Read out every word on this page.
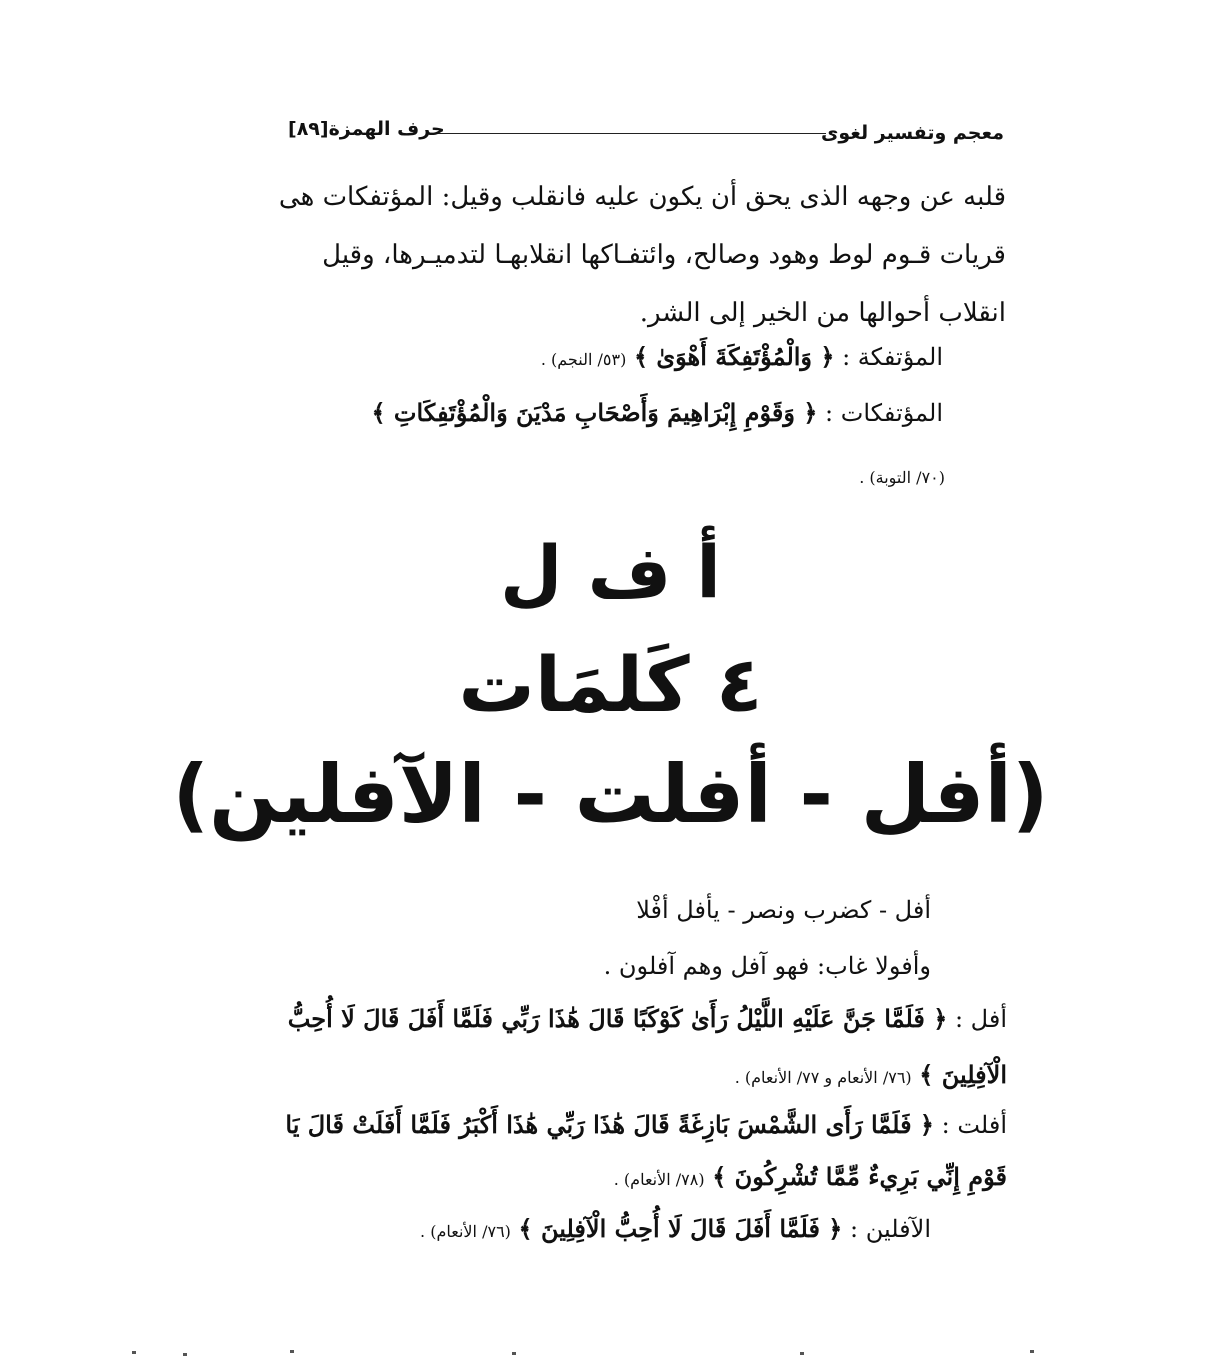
معجم وتفسير لغوى
حرف الهمزة[٨٩]
قلبه عن وجهه الذى يحق أن يكون عليه فانقلب وقيل: المؤتفكات هى
قريات قـوم لوط وهود وصالح، وائتفـاكها انقلابهـا لتدميـرها، وقيل
انقلاب أحوالها من الخير إلى الشر.
المؤتفكة : ﴿ وَالْمُؤْتَفِكَةَ أَهْوَىٰ ﴾ (٥٣/ النجم) .
المؤتفكات : ﴿ وَقَوْمِ إِبْرَاهِيمَ وَأَصْحَابِ مَدْيَنَ وَالْمُؤْتَفِكَاتِ ﴾
(٧٠/ التوبة) .
أ ف ل
٤ كَلمَات
(أفل - أفلت - الآفلين)
أفل - كضرب ونصر - يأفل أفْلا
وأفولا غاب: فهو آفل وهم آفلون .
أفل : ﴿ فَلَمَّا جَنَّ عَلَيْهِ اللَّيْلُ رَأَىٰ كَوْكَبًا قَالَ هَٰذَا رَبِّي فَلَمَّا أَفَلَ قَالَ لَا أُحِبُّ
الْآفِلِينَ ﴾ (٧٦/ الأنعام و ٧٧/ الأنعام) .
أفلت : ﴿ فَلَمَّا رَأَى الشَّمْسَ بَازِغَةً قَالَ هَٰذَا رَبِّي هَٰذَا أَكْبَرُ فَلَمَّا أَفَلَتْ قَالَ يَا
قَوْمِ إِنِّي بَرِيءٌ مِّمَّا تُشْرِكُونَ ﴾ (٧٨/ الأنعام) .
الآفلين : ﴿ فَلَمَّا أَفَلَ قَالَ لَا أُحِبُّ الْآفِلِينَ ﴾ (٧٦/ الأنعام) .
